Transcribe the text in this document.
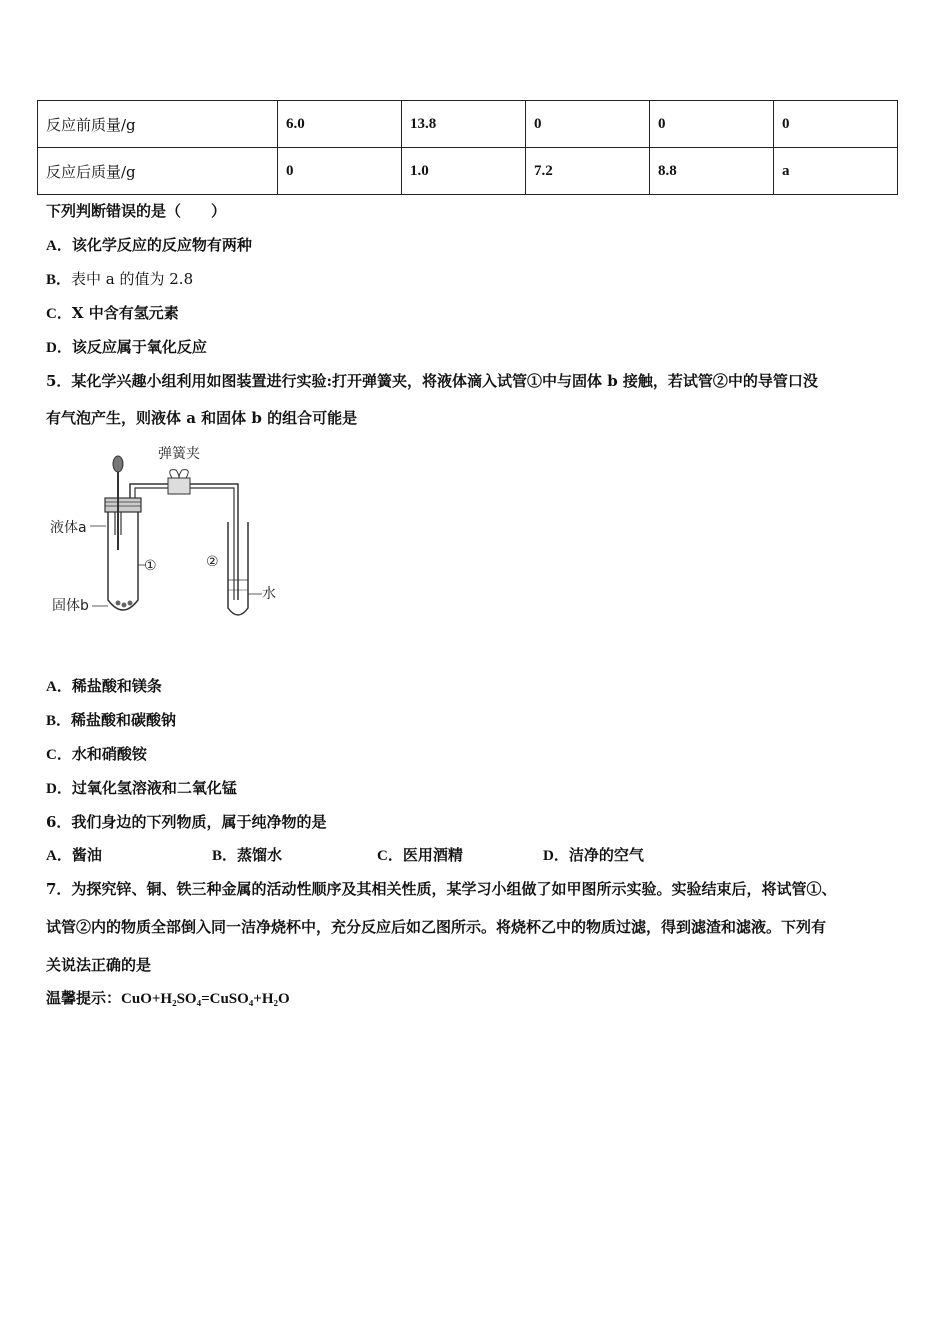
反应前质量/g	6.0	13.8	0	0	0
反应后质量/g	0	1.0	7.2	8.8	a
下列判断错误的是（　　）
A．该化学反应的反应物有两种
B．表中 a 的值为 2.8
C．X 中含有氢元素
D．该反应属于氧化反应
5．某化学兴趣小组利用如图装置进行实验:打开弹簧夹，将液体滴入试管①中与固体 b 接触，若试管②中的导管口没
有气泡产生，则液体 a 和固体 b 的组合可能是
弹簧夹
液体a
固体b
①	②
水
A．稀盐酸和镁条
B．稀盐酸和碳酸钠
C．水和硝酸铵
D．过氧化氢溶液和二氧化锰
6．我们身边的下列物质，属于纯净物的是
A．酱油	B．蒸馏水	C．医用酒精	D．洁净的空气
7．为探究锌、铜、铁三种金属的活动性顺序及其相关性质，某学习小组做了如甲图所示实验。实验结束后，将试管①、
试管②内的物质全部倒入同一洁净烧杯中，充分反应后如乙图所示。将烧杯乙中的物质过滤，得到滤渣和滤液。下列有
关说法正确的是
温馨提示：CuO+H₂SO₄=CuSO₄+H₂O
